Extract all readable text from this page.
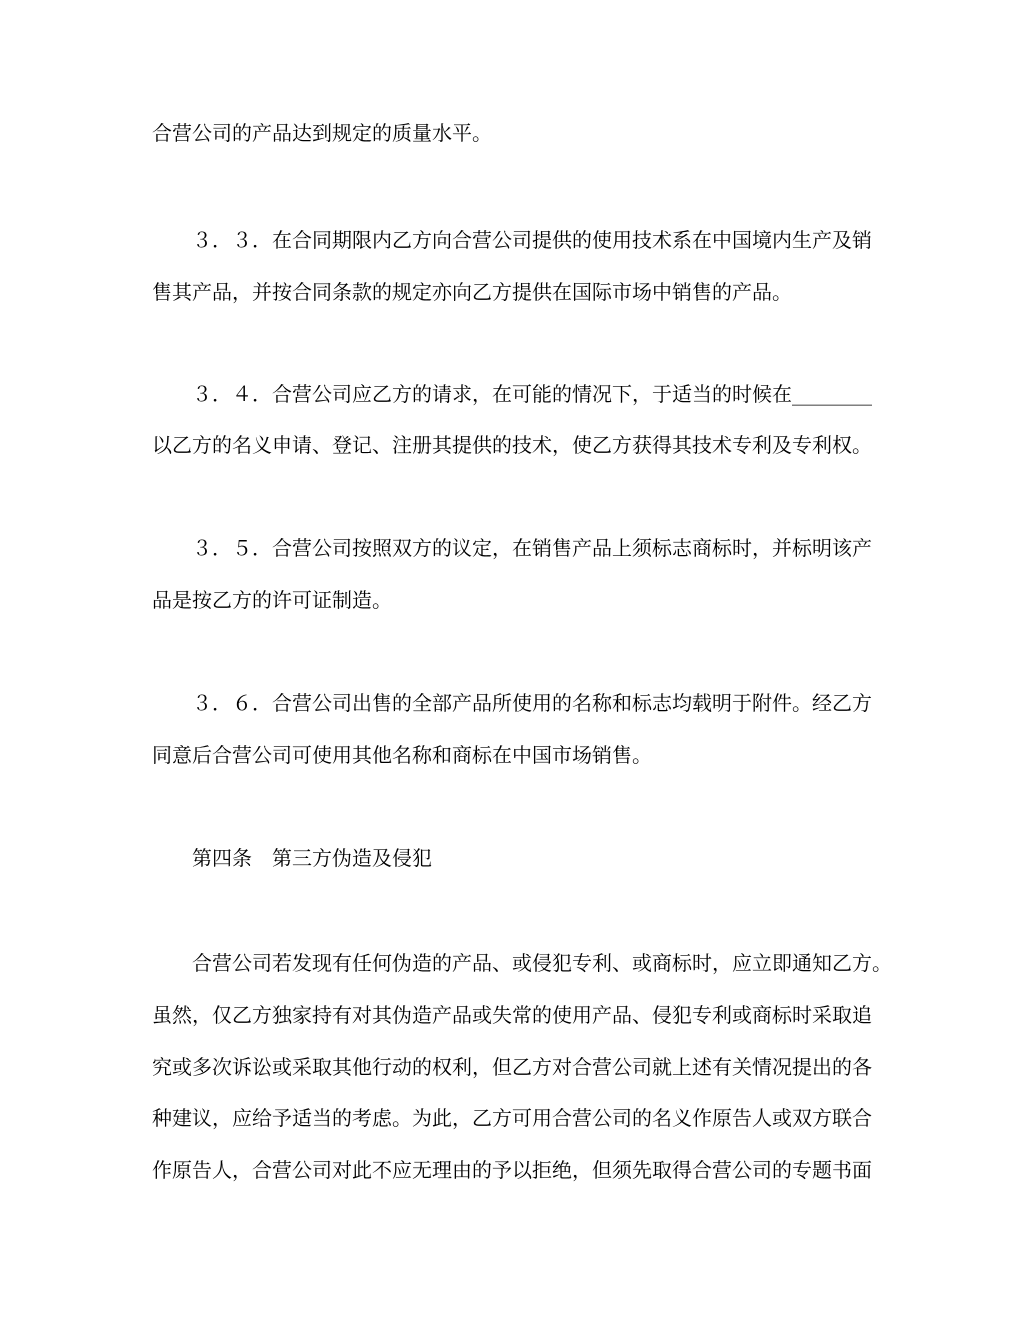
合营公司的产品达到规定的质量水平。
３．３．在合同期限内乙方向合营公司提供的使用技术系在中国境内生产及销
售其产品，并按合同条款的规定亦向乙方提供在国际市场中销售的产品。
３．４．合营公司应乙方的请求，在可能的情况下，于适当的时候在________
以乙方的名义申请、登记、注册其提供的技术，使乙方获得其技术专利及专利权。
３．５．合营公司按照双方的议定，在销售产品上须标志商标时，并标明该产
品是按乙方的许可证制造。
３．６．合营公司出售的全部产品所使用的名称和标志均载明于附件。经乙方
同意后合营公司可使用其他名称和商标在中国市场销售。
第四条 第三方伪造及侵犯
合营公司若发现有任何伪造的产品、或侵犯专利、或商标时，应立即通知乙方。
虽然，仅乙方独家持有对其伪造产品或失常的使用产品、侵犯专利或商标时采取追
究或多次诉讼或采取其他行动的权利，但乙方对合营公司就上述有关情况提出的各
种建议，应给予适当的考虑。为此，乙方可用合营公司的名义作原告人或双方联合
作原告人，合营公司对此不应无理由的予以拒绝，但须先取得合营公司的专题书面
